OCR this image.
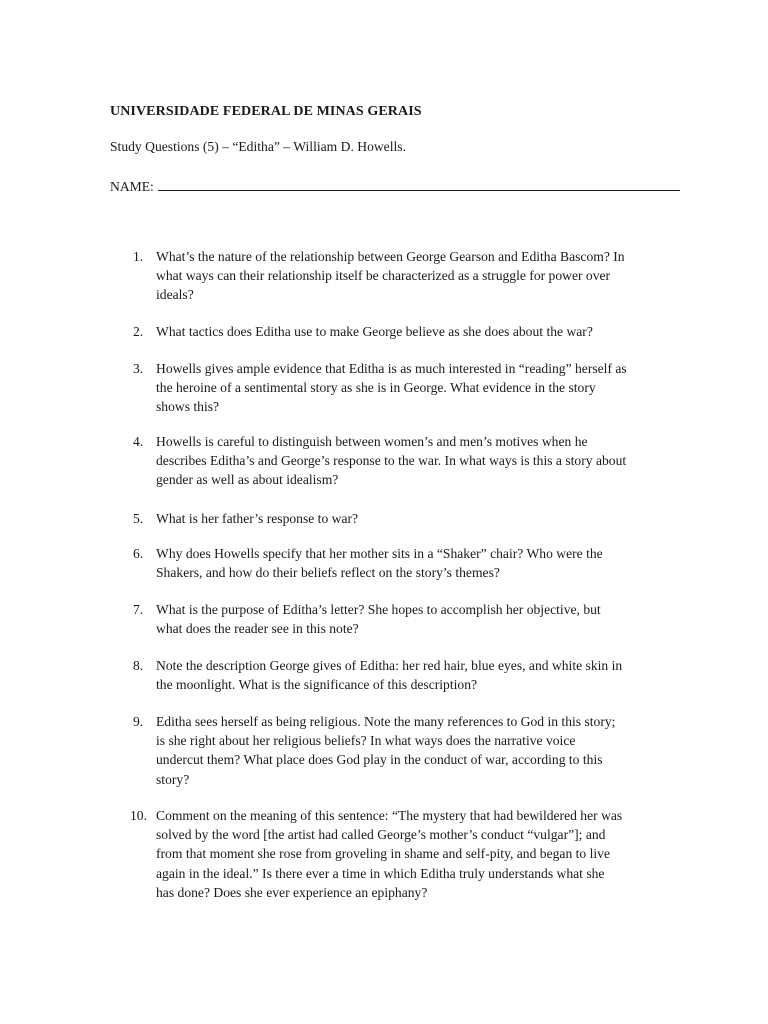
UNIVERSIDADE FEDERAL DE MINAS GERAIS
Study Questions (5) – “Editha” – William D. Howells.
NAME:
1. What’s the nature of the relationship between George Gearson and Editha Bascom? In
what ways can their relationship itself be characterized as a struggle for power over
ideals?
2. What tactics does Editha use to make George believe as she does about the war?
3. Howells gives ample evidence that Editha is as much interested in “reading” herself as
the heroine of a sentimental story as she is in George. What evidence in the story
shows this?
4. Howells is careful to distinguish between women’s and men’s motives when he
describes Editha’s and George’s response to the war. In what ways is this a story about
gender as well as about idealism?
5. What is her father’s response to war?
6. Why does Howells specify that her mother sits in a “Shaker” chair? Who were the
Shakers, and how do their beliefs reflect on the story’s themes?
7. What is the purpose of Editha’s letter? She hopes to accomplish her objective, but
what does the reader see in this note?
8. Note the description George gives of Editha: her red hair, blue eyes, and white skin in
the moonlight. What is the significance of this description?
9. Editha sees herself as being religious. Note the many references to God in this story;
is she right about her religious beliefs? In what ways does the narrative voice
undercut them? What place does God play in the conduct of war, according to this
story?
10. Comment on the meaning of this sentence: “The mystery that had bewildered her was
solved by the word [the artist had called George’s mother’s conduct “vulgar”]; and
from that moment she rose from groveling in shame and self-pity, and began to live
again in the ideal.” Is there ever a time in which Editha truly understands what she
has done? Does she ever experience an epiphany?
